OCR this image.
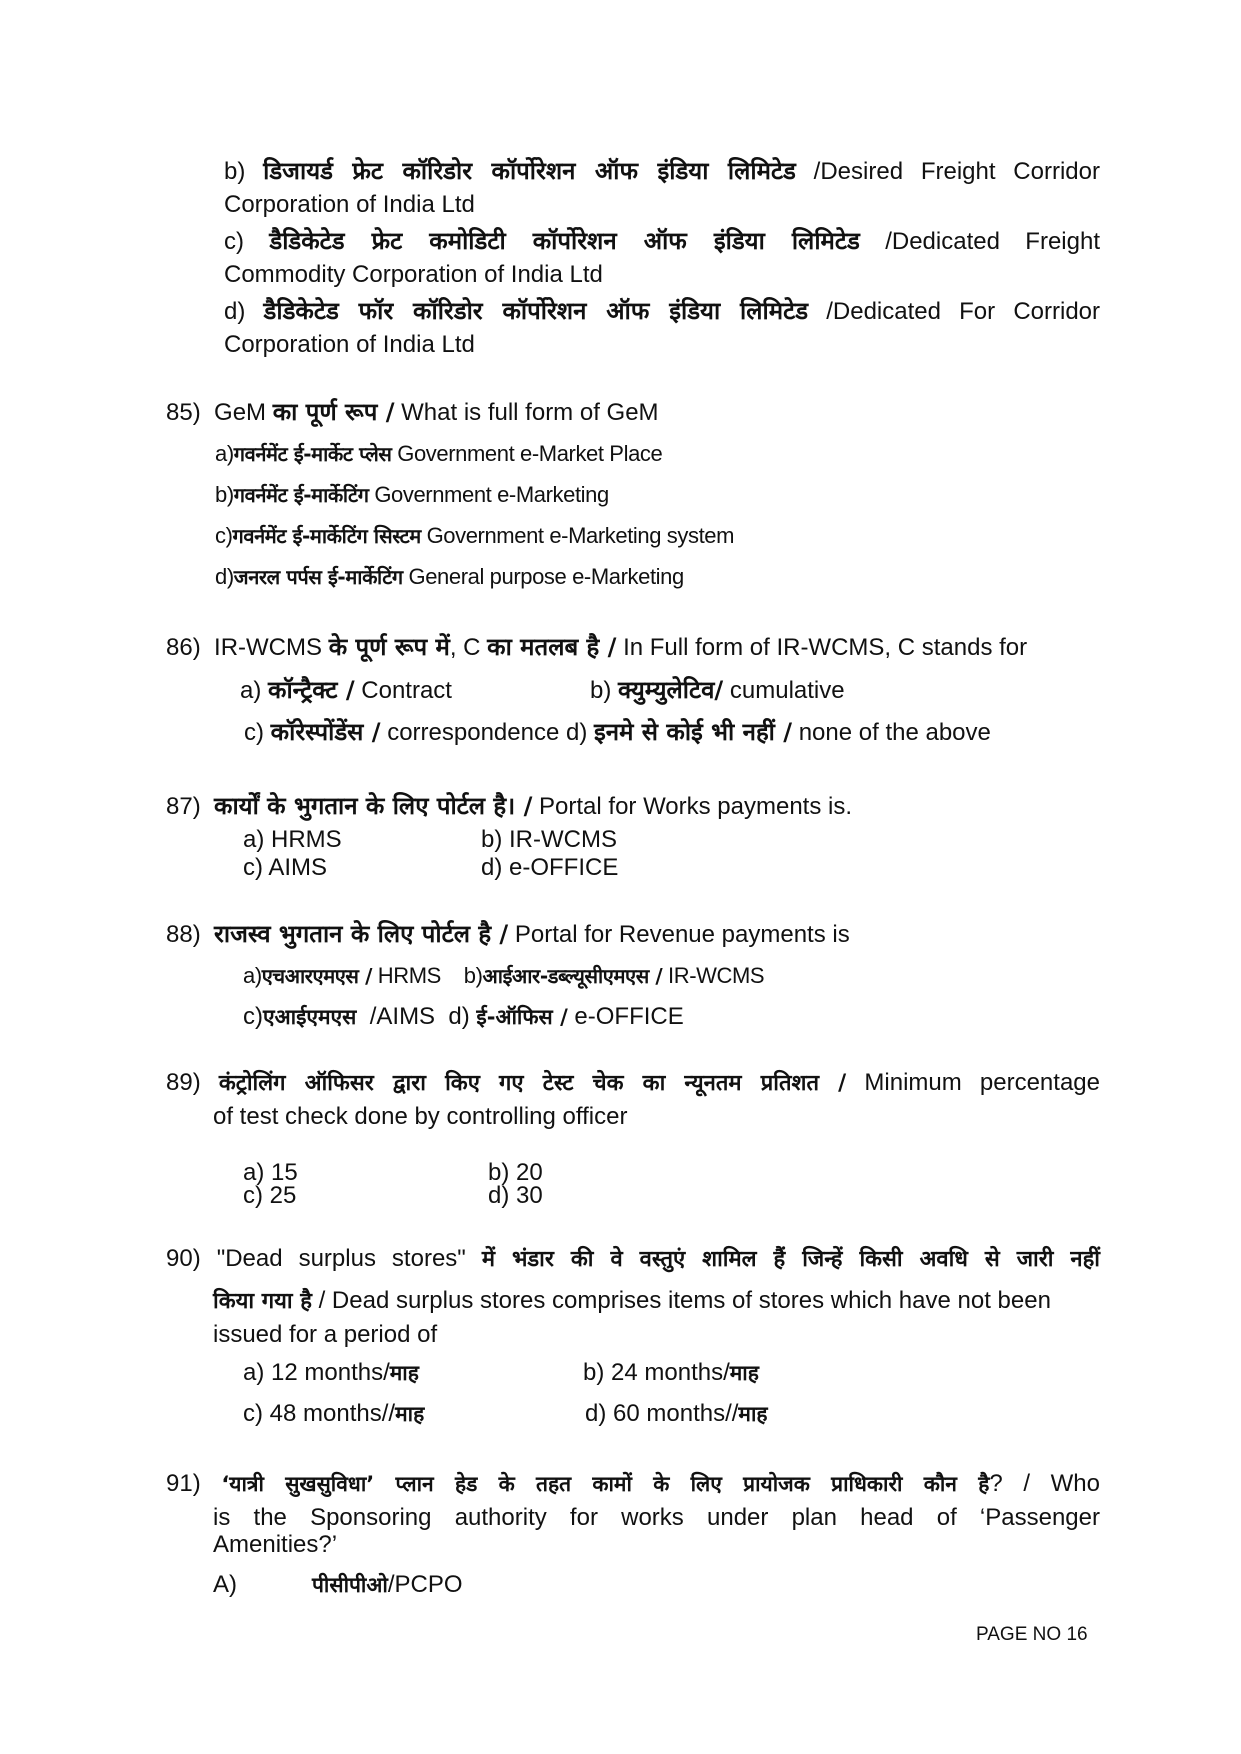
b) डिजायर्ड फ्रेट कॉरिडोर कॉर्पोरेशन ऑफ इंडिया लिमिटेड /Desired Freight Corridor
Corporation of India Ltd
c) डैडिकेटेड फ्रेट कमोडिटी कॉर्पोरेशन ऑफ इंडिया लिमिटेड /Dedicated Freight
Commodity Corporation of India Ltd
d) डैडिकेटेड फॉर कॉरिडोर कॉर्पोरेशन ऑफ इंडिया लिमिटेड /Dedicated For Corridor
Corporation of India Ltd
85) GeM का पूर्ण रूप / What is full form of GeM
a)गवर्नमेंट ई-मार्केट प्लेस Government e-Market Place
b)गवर्नमेंट ई-मार्केटिंग Government e-Marketing
c)गवर्नमेंट ई-मार्केटिंग सिस्टम Government e-Marketing system
d)जनरल पर्पस ई-मार्केटिंग General purpose e-Marketing
86) IR-WCMS के पूर्ण रूप में, C का मतलब है / In Full form of IR-WCMS, C stands for
a) कॉन्ट्रैक्ट / Contract	b) क्युम्युलेटिव/ cumulative
c) कॉरेस्पोंडेंस / correspondence d) इनमे से कोई भी नहीं / none of the above
87) कार्यों के भुगतान के लिए पोर्टल है। / Portal for Works payments is.
a) HRMS	b) IR-WCMS
c) AIMS	d) e-OFFICE
88) राजस्व भुगतान के लिए पोर्टल है / Portal for Revenue payments is
a)एचआरएमएस / HRMS b)आईआर-डब्ल्यूसीएमएस / IR-WCMS
c)एआईएमएस /AIMS d) ई-ऑफिस / e-OFFICE
89) कंट्रोलिंग ऑफिसर द्वारा किए गए टेस्ट चेक का न्यूनतम प्रतिशत / Minimum percentage
of test check done by controlling officer
a) 15	b) 20
c) 25	d) 30
90) "Dead surplus stores" में भंडार की वे वस्तुएं शामिल हैं जिन्हें किसी अवधि से जारी नहीं
किया गया है / Dead surplus stores comprises items of stores which have not been
issued for a period of
a) 12 months/माह	b) 24 months/माह
c) 48 months//माह	d) 60 months//माह
91) ‘यात्री सुखसुविधा’ प्लान हेड के तहत कामों के लिए प्रायोजक प्राधिकारी कौन है? / Who
is the Sponsoring authority for works under plan head of ‘Passenger
Amenities?’
A)	पीसीपीओ/PCPO
PAGE NO 16
